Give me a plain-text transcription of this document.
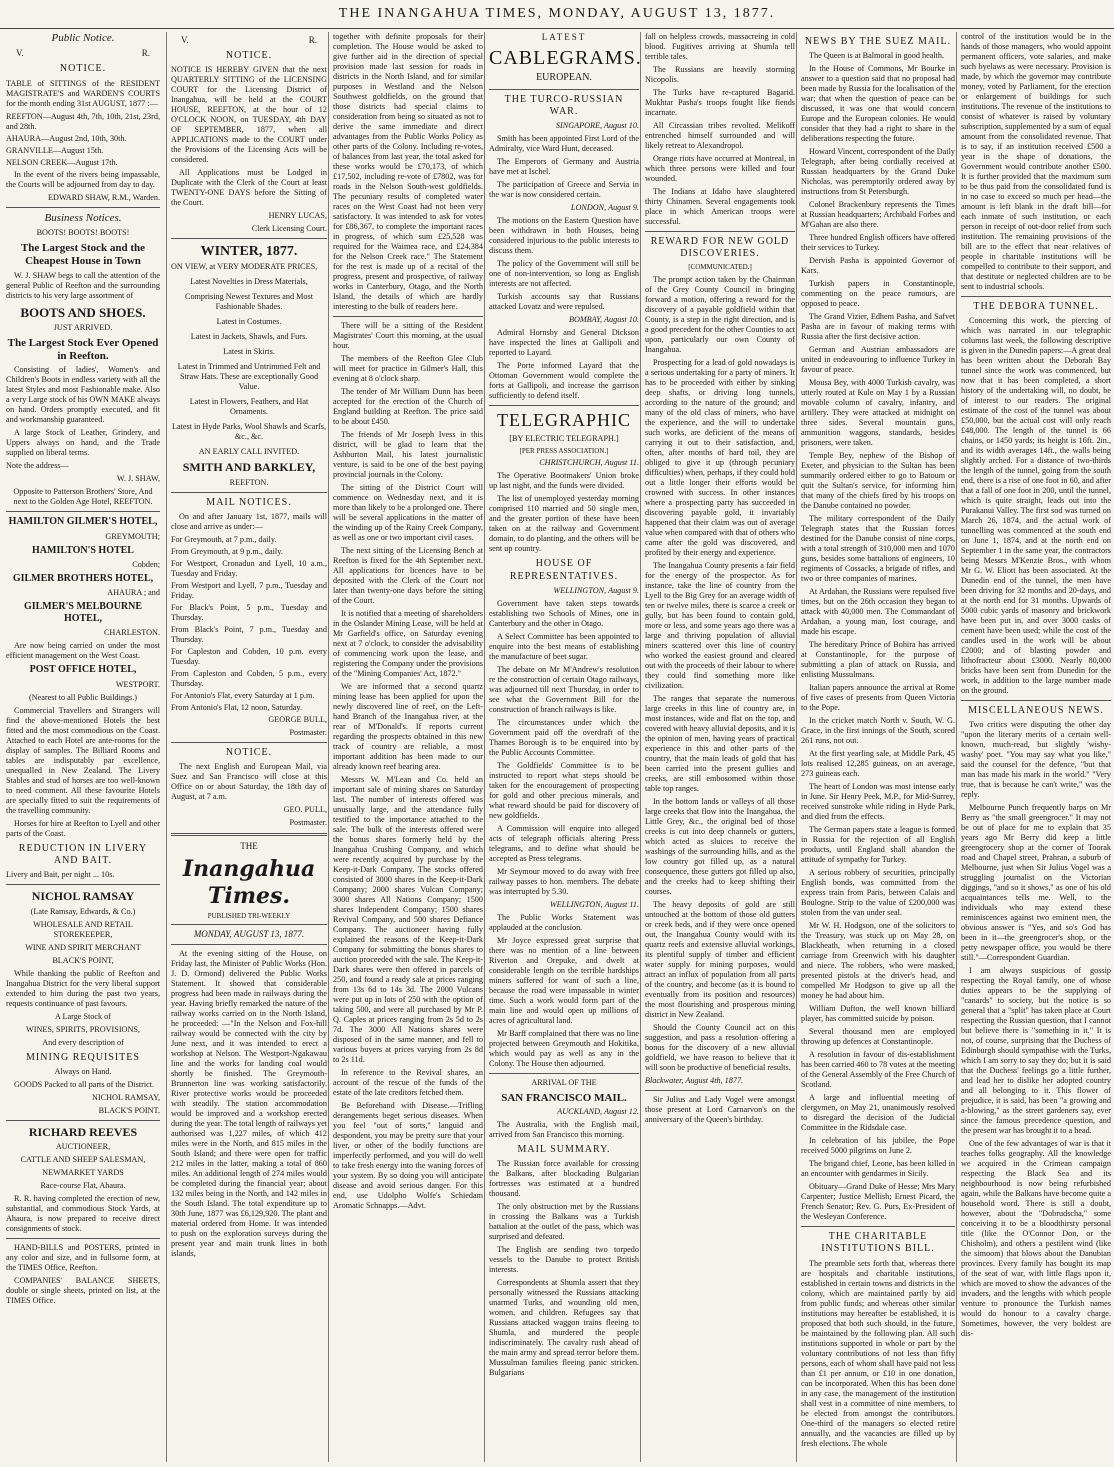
THE INANGAHUA TIMES, MONDAY, AUGUST 13, 1877.

Public Notice.

V.	R.

NOTICE.

TABLE of SITTINGS of the RESIDENT MAGISTRATE'S and WARDEN'S COURTS for the month ending 31st AUGUST, 1877 :—

REEFTON—August 4th, 7th, 10th, 21st, 23rd, and 28th.

AHAURA—August 2nd, 10th, 30th.

GRANVILLE—August 15th.

NELSON CREEK—August 17th.

In the event of the rivers being impassable, the Courts will be adjourned from day to day.

EDWARD SHAW, R.M., Warden.

Business Notices.

BOOTS! BOOTS! BOOTS!

The Largest Stock and the Cheapest House in Town

W. J. SHAW begs to call the attention of the general Public of Reefton and the surrounding districts to his very large assortment of

BOOTS AND SHOES.

JUST ARRIVED.

The Largest Stock Ever Opened in Reefton.

Consisting of ladies', Women's and Children's Boots in endless variety with all the latest Styles and most Fashionable make. Also a very Large stock of his OWN MAKE always on hand. Orders promptly executed, and fit and workmanship guaranteed.

A large Stock of Leather, Grindery, and Uppers always on hand, and the Trade supplied on liberal terms.

Note the address—

W. J. SHAW,

Opposite to Patterson Brothers' Store, And next to the Golden Age Hotel, REEFTON.

HAMILTON GILMER'S HOTEL,

GREYMOUTH;

HAMILTON'S HOTEL

Cobden;

GILMER BROTHERS HOTEL,

AHAURA ; and

GILMER'S MELBOURNE HOTEL,

CHARLESTON.

Are now being carried on under the most efficient management on the West Coast.

POST OFFICE HOTEL,

WESTPORT.

(Nearest to all Public Buildings.)

Commercial Travellers and Strangers will find the above-mentioned Hotels the best fitted and the most commodious on the Coast. Attached to each Hotel are ante-rooms for the display of samples. The Billiard Rooms and tables are indisputably par excellence, unequalled in New Zealand. The Livery Stables and stud of horses are too well-known to need comment. All these favourite Hotels are specially fitted to suit the requirements of the travelling community.

Horses for hire at Reefton to Lyell and other parts of the Coast.

REDUCTION IN LIVERY AND BAIT.

Livery and Bait, per night ... 10s.

NICHOL RAMSAY

(Late Ramsay, Edwards, & Co.)

WHOLESALE AND RETAIL STOREKEEPER,

WINE AND SPIRIT MERCHANT

BLACK'S POINT,

While thanking the public of Reefton and Inangahua District for the very liberal support extended to him during the past two years, requests continuance of past favours.

A Large Stock of

WINES, SPIRITS, PROVISIONS,

And every description of

MINING REQUISITES

Always on Hand.

GOODS Packed to all parts of the District.

NICHOL RAMSAY,

BLACK'S POINT.

RICHARD REEVES

AUCTIONEER,

CATTLE AND SHEEP SALESMAN,

NEWMARKET YARDS

Race-course Flat, Ahaura.

R. R. having completed the erection of new, substantial, and commodious Stock Yards, at Ahaura, is now prepared to receive direct consignments of stock.

HAND-BILLS and POSTERS, printed in any color and size, and in fullsome form, at the TIMES Office, Reefton.

COMPANIES' BALANCE SHEETS, double or single sheets, printed on list, at the TIMES Office.

V.	R.

NOTICE.

NOTICE IS HEREBY GIVEN that the next QUARTERLY SITTING of the LICENSING COURT for the Licensing District of Inangahua, will be held at the COURT HOUSE, REEFTON, at the hour of 12 O'CLOCK NOON, on TUESDAY, 4th DAY OF SEPTEMBER, 1877, when all APPLICATIONS made to the COURT under the Provisions of the Licensing Acts will be considered.

All Applications must be Lodged in Duplicate with the Clerk of the Court at least TWENTY-ONE DAYS before the Sitting of the Court.

HENRY LUCAS,

Clerk Licensing Court.

WINTER, 1877.

ON VIEW, at VERY MODERATE PRICES,

Latest Novelties in Dress Materials,

Comprising Newest Textures and Most Fashionable Shades.

Latest in Costumes.

Latest in Jackets, Shawls, and Furs.

Latest in Skirts.

Latest in Trimmed and Untrimmed Felt and Straw Hats. These are exceptionally Good Value.

Latest in Flowers, Feathers, and Hat Ornaments.

Latest in Hyde Parks, Wool Shawls and Scarfs, &c., &c.

AN EARLY CALL INVITED.

SMITH AND BARKLEY,

REEFTON.

MAIL NOTICES.

On and after January 1st, 1877, mails will close and arrive as under:—

For Greymouth, at 7 p.m., daily.

From Greymouth, at 9 p.m., daily.

For Westport, Cronadun and Lyell, 10 a.m., Tuesday and Friday.

From Westport and Lyell, 7 p.m., Tuesday and Friday.

For Black's Point, 5 p.m., Tuesday and Thursday.

From Black's Point, 7 p.m., Tuesday and Thursday.

For Capleston and Cobden, 10 p.m. every Tuesday.

From Capleston and Cobden, 5 p.m., every Thursday.

For Antonio's Flat, every Saturday at 1 p.m.

From Antonio's Flat, 12 noon, Saturday.

GEORGE BULL,

Postmaster.

NOTICE.

The next English and European Mail, via Suez and San Francisco will close at this Office on or about Saturday, the 18th day of August, at 7 a.m.

GEO. PULL,

Postmaster.

THE

Inangahua Times.

PUBLISHED TRI-WEEKLY

MONDAY, AUGUST 13, 1877.

At the evening sitting of the House, on Friday last, the Minister of Public Works (Hon. J. D. Ormond) delivered the Public Works Statement. It showed that considerable progress had been made in railways during the year. Having briefly remarked the nature of the railway works carried on in the North Island, he proceeded: —"In the Nelson and Fox-hill railway would be connected with the city by June next, and it was intended to erect a workshop at Nelson. The Westport-Ngakawau line and the works for landing coal would shortly be finished. The Greymouth-Brunnerton line was working satisfactorily. River protective works would be proceeded with steadily. The station accommodation would be improved and a workshop erected during the year. The total length of railways yet authorised was 1,227 miles, of which 412 miles were in the North, and 815 miles in the South Island; and there were open for traffic 212 miles in the latter, making a total of 860 miles. An additional length of 274 miles would be completed during the financial year; about 132 miles being in the North, and 142 miles in the South Island. The total expenditure up to 30th June, 1877 was £6,129,920. The plant and material ordered from Home. It was intended to push on the exploration surveys during the present year and main trunk lines in both islands,

together with definite proposals for their completion. The House would be asked to give further aid in the direction of special provision made last session for roads in districts in the North Island, and for similar purposes in Westland and the Nelson Southwest goldfields, on the ground that those districts had special claims to consideration from being so situated as not to derive the same immediate and direct advantages from the Public Works Policy as other parts of the Colony. Including re-votes, of balances from last year, the total asked for these works would be £70,173, of which £17,502, including re-vote of £7802, was for roads in the Nelson South-west goldfields. The pecuniary results of completed water races on the West Coast had not been very satisfactory. It was intended to ask for votes for £86,367, to complete the important races in progress, of which sum £25,528 was required for the Waimea race, and £24,384 for the Nelson Creek race." The Statement for the rest is made up of a recital of the progress, present and prospective, of railway works in Canterbury, Otago, and the North Island, the details of which are hardly interesting to the bulk of readers here.

There will be a sitting of the Resident Magistrates' Court this morning, at the usual hour.

The members of the Reefton Glee Club will meet for practice in Gilmer's Hall, this evening at 8 o'clock sharp.

The tender of Mr William Dunn has been accepted for the erection of the Church of England building at Reefton. The price said to be about £450.

The friends of Mr Joseph Ivess in this district, will be glad to learn that the Ashburton Mail, his latest journalistic venture, is said to be one of the best paying provincial journals in the Colony.

The sitting of the District Court will commence on Wednesday next, and it is more than likely to be a prolonged one. There will be several applications in the matter of the winding up of the Rainy Creek Company, as well as one or two important civil cases.

The next sitting of the Licensing Bench at Reefton is fixed for the 4th September next. All applications for licences have to be deposited with the Clerk of the Court not later than twenty-one days before the sitting of the Court.

It is notified that a meeting of shareholders in the Oslander Mining Lease, will be held at Mr Garfield's office, on Saturday evening next at 7 o'clock, to consider the advisability of commencing work upon the lease, and registering the Company under the provisions of the "Mining Companies' Act, 1872."

We are informed that a second quartz mining lease has been applied for upon the newly discovered line of reef, on the Left-hand Branch of the Inangahua river, at the rear of M'Donald's. If reports current regarding the prospects obtained in this new track of country are reliable, a most important addition has been made to our already known reef bearing area.

Messrs W. M'Lean and Co. held an important sale of mining shares on Saturday last. The number of interests offered was unusually large, and the attendance fully testified to the importance attached to the sale. The bulk of the interests offered were the bonus shares formerly held by the Inangahua Crushing Company, and which were recently acquired by purchase by the Keep-it-Dark Company. The stocks offered consisted of 3000 shares in the Keep-it-Dark Company; 2000 shares Vulcan Company; 3000 shares All Nations Company; 1500 shares Independent Company; 1500 shares Revival Company, and 500 shares Defiance Company. The auctioneer having fully explained the reasons of the Keep-it-Dark Company for submitting the bonus shares to auction proceeded with the sale. The Keep-it-Dark shares were then offered in parcels of 250, and found a ready sale at prices ranging from 13s 6d to 14s 3d. The 2000 Vulcans were put up in lots of 250 with the option of taking 500, and were all purchased by Mr P. Q. Caples at prices ranging from 2s 5d to 2s 7d. The 3000 All Nations shares were disposed of in the same manner, and fell to various buyers at prices varying from 2s 8d to 2s 11d.

In reference to the Revival shares, an account of the rescue of the funds of the estate of the late creditors fetched them.

Be Beforehand with Disease.—Trifling derangements beget serious diseases. When you feel "out of sorts," languid and despondent, you may be pretty sure that your liver, or other of the bodily functions are imperfectly performed, and you will do well to take fresh energy into the waning forces of your system. By so doing you will anticipate disease and avoid serious danger. For this end, use Udolpho Wolfe's Schiedam Aromatic Schnapps.—Advt.

LATEST

CABLEGRAMS.

EUROPEAN.

THE TURCO-RUSSIAN WAR.

SINGAPORE, August 10.

Smith has been appointed First Lord of the Admiralty, vice Ward Hunt, deceased.

The Emperors of Germany and Austria have met at Ischel.

The participation of Greece and Servia in the war is now considered certain.

LONDON, August 9.

The motions on the Eastern Question have been withdrawn in both Houses, being considered injurious to the public interests to discuss them.

The policy of the Government will still be one of non-intervention, so long as English interests are not affected.

Turkish accounts say that Russians attacked Lovatz and were repulsed.

BOMBAY, August 10.

Admiral Hornsby and General Dickson have inspected the lines at Gallipoli and reported to Layard.

The Porte informed Layard that the Ottoman Government would complete the forts at Gallipoli, and increase the garrison sufficiently to defend itself.

TELEGRAPHIC

[BY ELECTRIC TELEGRAPH.]

[PER PRESS ASSOCIATION.]

CHRISTCHURCH, August 11.

The Operative Bootmakers' Union broke up last night, and the funds were divided.

The list of unemployed yesterday morning comprised 110 married and 50 single men, and the greater portion of these have been taken on at the railway and Government domain, to do planting, and the others will be sent up country.

HOUSE OF REPRESENTATIVES.

WELLINGTON, August 9.

Government have taken steps towards establishing two Schools of Mines, one in Canterbury and the other in Otago.

A Select Committee has been appointed to enquire into the best means of establishing the manufacture of beet sugar.

The debate on Mr M'Andrew's resolution re the construction of certain Otago railways, was adjourned till next Thursday, in order to see what the Government Bill for the construction of branch railways is like.

The circumstances under which the Government paid off the overdraft of the Thames Borough is to be enquired into by the Public Accounts Committee.

The Goldfields' Committee is to be instructed to report what steps should be taken for the encouragement of prospecting for gold and other precious minerals, and what reward should be paid for discovery of new goldfields.

A Commission will enquire into alleged acts of telegraph officials altering Press telegrams, and to define what should be accepted as Press telegrams.

Mr Seymour moved to do away with free railway passes to hon. members. The debate was interrupted by 5.30.

WELLINGTON, August 11.

The Public Works Statement was applauded at the conclusion.

Mr Joyce expressed great surprise that there was no mention of a line between Riverton and Orepuke, and dwelt at considerable length on the terrible hardships miners suffered for want of such a line, because the road were impassable in winter time. Such a work would form part of the main line and would open up millions of acres of agricultural land.

Mr Barff complained that there was no line projected between Greymouth and Hokitika, which would pay as well as any in the Colony. The House then adjourned.

ARRIVAL OF THE

SAN FRANCISCO MAIL.

AUCKLAND, August 12.

The Australia, with the English mail, arrived from San Francisco this morning.

MAIL SUMMARY.

The Russian force available for crossing the Balkans, after blockading Bulgarian fortresses was estimated at a hundred thousand.

The only obstruction met by the Russians in crossing the Balkans was a Turkish battalion at the outlet of the pass, which was surprised and defeated.

The English are sending two torpedo vessels to the Danube to protect British interests.

Correspondents at Shumla assert that they personally witnessed the Russians attacking unarmed Turks, and wounding old men, women, and children. Refugees say that Russians attacked waggon trains fleeing to Shumla, and murdered the people indiscriminately. The cavalry rush ahead of the main army and spread terror before them. Mussulman families fleeing panic stricken. Bulgarians

fall on helpless crowds, massacreing in cold blood. Fugitives arriving at Shumla tell terrible tales.

The Russians are heavily storming Nicopolis.

The Turks have re-captured Bagarid. Mukhtar Pasha's troops fought like fiends incarnate.

All Circassian tribes revolted. Melikoff entrenched himself surrounded and will likely retreat to Alexandropol.

Orange riots have occurred at Montreal, in which three persons were killed and four wounded.

The Indians at Idaho have slaughtered thirty Chinamen. Several engagements took place in which American troops were successful.

REWARD FOR NEW GOLD DISCOVERIES.

[COMMUNICATED.]

The prompt action taken by the Chairman of the Grey County Council in bringing forward a motion, offering a reward for the discovery of a payable goldfield within that County, is a step in the right direction, and is a good precedent for the other Counties to act upon, particularly our own County of Inangahua.

Prospecting for a lead of gold nowadays is a serious undertaking for a party of miners. It has to be proceeded with either by sinking deep shafts, or driving long tunnels, according to the nature of the ground; and many of the old class of miners, who have the experience, and the will to undertake such works, are deficient of the means of carrying it out to their satisfaction, and, often, after months of hard toil, they are obliged to give it up (through pecuniary difficulties) when, perhaps, if they could hold out a little longer their efforts would be crowned with success. In other instances where a prospecting party has succeeded in discovering payable gold, it invariably happened that their claim was out of average value when compared with that of others who came after the gold was discovered, and profited by their energy and experience.

The Inangahua County presents a fair field for the energy of the prospector. As for instance, take the line of country from the Lyell to the Big Grey for an average width of ten or twelve miles, there is scarce a creek or gully, but has been found to contain gold, more or less, and some years ago there was a large and thriving population of alluvial miners scattered over this line of country who worked the easiest ground and cleared out with the proceeds of their labour to where they could find something more like civilization.

The ranges that separate the numerous large creeks in this line of country are, in most instances, wide and flat on the top, and covered with heavy alluvial deposits, and it is the opinion of men, having years of practical experience in this and other parts of the country, that the main leads of gold that has been carried into the present gullies and creeks, are still embosomed within those table top ranges.

In the bottom lands or valleys of all those large creeks that flow into the Inangahua, the Little Grey, &c., the original bed of those creeks is cut into deep channels or gutters, which acted as sluices to receive the washings of the surrounding hills, and as the low country got filled up, as a natural consequence, these gutters got filled up also, and the creeks had to keep shifting their courses.

The heavy deposits of gold are still untouched at the bottom of those old gutters or creek beds, and if they were once opened out, the Inangahua County would with its quartz reefs and extensive alluvial workings, its plentiful supply of timber and efficient water supply for mining purposes, would attract an influx of population from all parts of the country, and become (as it is bound to eventually from its position and resources) the most flourishing and prosperous mining district in New Zealand.

Should the County Council act on this suggestion, and pass a resolution offering a bonus for the discovery of a new alluvial goldfield, we have reason to believe that it will soon be productive of beneficial results.

Blackwater, August 4th, 1877.

Sir Julius and Lady Vogel were amongst those present at Lord Carnarvon's on the anniversary of the Queen's birthday.

NEWS BY THE SUEZ MAIL.

The Queen is at Balmoral in good health.

In the House of Commons, Mr Bourke in answer to a question said that no proposal had been made by Russia for the localisation of the war; that when the question of peace can be discussed, it was one that would concern Europe and the European colonies. He would consider that they had a right to share in the deliberations respecting the future.

Howard Vincent, correspondent of the Daily Telegraph, after being cordially received at Russian headquarters by the Grand Duke Nicholas, was peremptorily ordered away by instructions from St Petersburgh.

Colonel Brackenbury represents the Times at Russian headquarters; Archibald Forbes and M'Gahan are also there.

Three hundred English officers have offered their services to Turkey.

Dervish Pasha is appointed Governor of Kars.

Turkish papers in Constantinople, commenting on the peace rumours, are opposed to peace.

The Grand Vizier, Edhem Pasha, and Safvet Pasha are in favour of making terms with Russia after the first decisive action.

German and Austrian ambassadors are united in endeavouring to influence Turkey in favour of peace.

Mousa Bey, with 4000 Turkish cavalry, was utterly routed at Kule on May 1 by a Russian movable column of cavalry, infantry, and artillery. They were attacked at midnight on three sides. Several mountain guns, ammunition waggons, standards, besides prisoners, were taken.

Temple Bey, nephew of the Bishop of Exeter, and physician to the Sultan has been summarily ordered either to go to Batoum or quit the Sultan's service, for informing him that many of the chiefs fired by his troops on the Danube contained no powder.

The military correspondent of the Daily Telegraph states that the Russian forces destined for the Danube consist of nine corps, with a total strength of 310,000 men and 1070 guns, besides some battalions of engineers, 10 regiments of Cossacks, a brigade of rifles, and two or three companies of marines.

At Ardahan, the Russians were repulsed five times, but on the 26th occasion they began to attack with 40,000 men. The Commandant of Ardahan, a young man, lost courage, and made his escape.

The hereditary Prince of Bohira has arrived at Constantinople, for the purpose of submitting a plan of attack on Russia, and enlisting Mussulmans.

Italian papers announce the arrival at Rome of five cases of presents from Queen Victoria to the Pope.

In the cricket match North v. South, W. G. Grace, in the first innings of the South, scored 261 runs, not out.

At the first yearling sale, at Middle Park, 45 lots realised 12,285 guineas, on an average, 273 guineas each.

The heart of London was most intense early in June. Sir Henry Peek, M.P., for Mid-Surrey, received sunstroke while riding in Hyde Park, and died from the effects.

The German papers state a league is formed in Russia for the rejection of all English products, until England shall abandon the attitude of sympathy for Turkey.

A serious robbery of securities, principally English bonds, was committed from the express train from Paris, between Calais and Boulogne. Strip to the value of £200,000 was stolen from the van under seal.

Mr W. H. Hodgson, one of the solicitors to the Treasury, was stuck up on May 28, on Blackheath, when returning in a closed carriage from Greenwich with his daughter and niece. The robbers, who were masked, presented pistols at the driver's head, and compelled Mr Hodgson to give up all the money he had about him.

William Dufton, the well known billiard player, has committed suicide by poison.

Several thousand men are employed throwing up defences at Constantinople.

A resolution in favour of dis-establishment has been carried 460 to 78 votes at the meeting of the General Assembly of the Free Church of Scotland.

A large and influential meeting of clergymen, on May 21, unanimously resolved to disregard the decision of the Judicial Committee in the Ridsdale case.

In celebration of his jubilee, the Pope received 5000 pilgrims on June 2.

The brigand chief, Leone, has been killed in an encounter with gendarmes in Sicily.

Obituary—Grand Duke of Hesse; Mrs Mary Carpenter; Justice Mellish; Ernest Picard, the French Senator; Rev. G. Purs, Ex-President of the Wesleyan Conference.

THE CHARITABLE INSTITUTIONS BILL.

The preamble sets forth that, whereas there are hospitals and charitable institutions, established in certain towns and districts in the colony, which are maintained partly by aid from public funds; and whereas other similar institutions may hereafter be established, it is proposed that both such should, in the future, be maintained by the following plan. All such institutions supported in whole or part by the voluntary contributions of not less than fifty persons, each of whom shall have paid not less than £1 per annum, or £10 in one donation, can be incorporated. When this has been done in any case, the management of the institution shall vest in a committee of nine members, to be elected from amongst the contributors. One-third of the managers so elected retire annually, and the vacancies are filled up by fresh elections. The whole

control of the institution would be in the hands of those managers, who would appoint permanent officers, vote salaries, and make such byelaws as were necessary. Provision is made, by which the governor may contribute money, voted by Parliament, for the erection or enlargement of buildings for such institutions. The revenue of the institutions to consist of whatever is raised by voluntary subscription, supplemented by a sum of equal amount from the consolidated revenue. That is to say, if an institution received £500 a year in the shape of donations, the Government would contribute another £500. It is further provided that the maximum sum to be thus paid from the consolidated fund is in no case to exceed so much per head—the amount is left blank in the draft bill—for each inmate of such institution, or each person in receipt of out-door relief from such institution. The remaining provisions of the bill are to the effect that near relatives of people in charitable institutions will be compelled to contribute to their support, and that destitute or neglected children are to be sent to industrial schools.

THE DEBORA TUNNEL.

Concerning this work, the piercing of which was narrated in our telegraphic columns last week, the following descriptive is given in the Dunedin papers:—A great deal has been written about the Deborah Bay tunnel since the work was commenced, but now that it has been completed, a short history of the undertaking will, no doubt, be of interest to our readers. The original estimate of the cost of the tunnel was about £50,000, but the actual cost will only reach £48,000. The length of the tunnel is 66 chains, or 1450 yards; its height is 16ft. 2in., and its width averages 14ft., the walls being slightly arched. For a distance of two-thirds the length of the tunnel, going from the south end, there is a rise of one foot in 60, and after that a fall of one foot in 200, until the tunnel, which is quite straight, leads out into the Purakanui Valley. The first sod was turned on March 26, 1874, and the actual work of tunnelling was commenced at the south end on June 1, 1874, and at the north end on September 1 in the same year, the contractors being Messrs M'Kenzie Bros., with whom Mr G. W. Eliott has been associated. At the Dunedin end of the tunnel, the men have been driving for 32 months and 20-days, and at the north end for 31 months. Upwards of 5000 cubic yards of masonry and brickwork have been put in, and over 3000 casks of cement have been used; while the cost of the candles used in the work will be about £2000; and of blasting powder and lithofracteur about £3000. Nearly 80,000 bricks have been sent from Dunedin for the work, in addition to the large number made on the ground.

MISCELLANEOUS NEWS.

Two critics were disputing the other day "upon the literary merits of a certain well-known, much-read, but slightly 'wishy-washy' poet. "You may say what you like," said the counsel for the defence, "but that man has made his mark in the world." "Very true, that is because he can't write," was the reply.

Melbourne Punch frequently harps on Mr Berry as "the small greengrocer." It may not be out of place for me to explain that 35 years ago Mr Berry did keep a little greengrocery shop at the corner of Toorak road and Chapel street, Prahran, a suburb of Melbourne, just when Sir Julius Vogel was a struggling journalist on the Victorian diggings, "and so it shows," as one of his old acquaintances tells me. Well, to the individuals who may extend these reminiscences against two eminent men, the obvious answer is "Yes, and so's God has been in it—the greengrocer's shop, or the petty newspaper office, you would be there still."—Correspondent Guardian.

I am always suspicious of gossip respecting the Royal family, one of whose duties appears to be the supplying of "canards" to society, but the notice is so general that a "split" has taken place at Court respecting the Russian question, that I cannot but believe there is "something in it." It is not, of course, surprising that the Duchess of Edinburgh should sympathise with the Turks, which I am sorry to say they do; but it is said that the Duchess' feelings go a little further, and lead her to dislike her adopted country and all belonging to it. This flower of prejudice, it is said, has been "a growing and a-blowing," as the street gardeners say, ever since the famous precedence question, and the present war has brought it to a head.

One of the few advantages of war is that it teaches folks geography. All the knowledge we acquired in the Crimean campaign respecting the Black Sea and its neighbourhood is now being refurbished again, while the Balkans have become quite a household word. There is still a doubt, however, about the "Dobrudscha," some conceiving it to be a bloodthirsty personal title (like the O'Connor Don, or the Chisholm), and others a pestilent wind (like the simoom) that blows about the Danubian provinces. Every family has bought its map of the seat of war, with little flags upon it, which are moved to show the advances of the invaders, and the lengths with which people venture to pronounce the Turkish names would do honour to a cavalry charge. Sometimes, however, the very boldest are dis-
